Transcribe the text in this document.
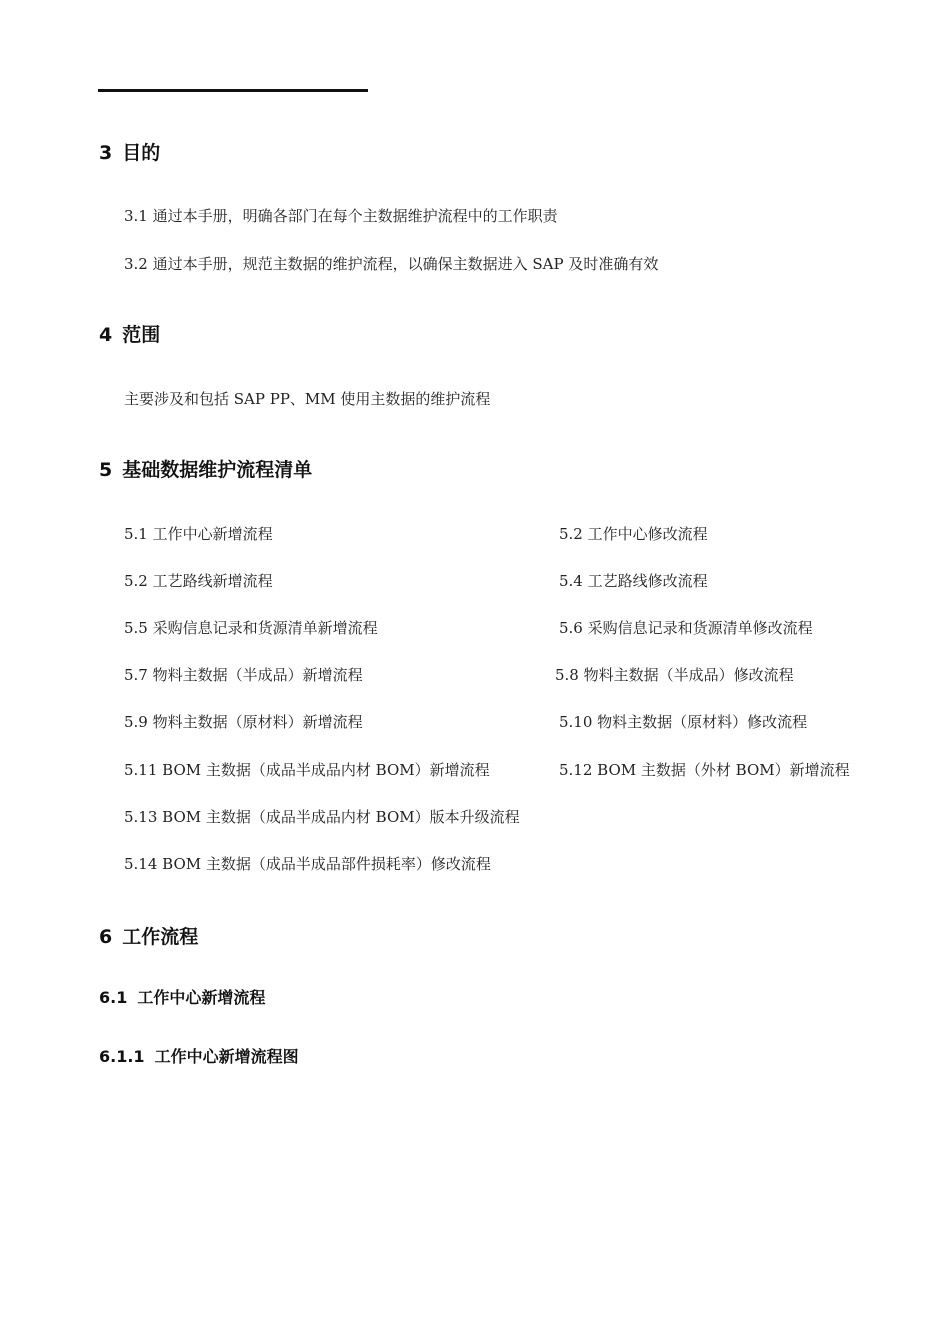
3 目的

3.1 通过本手册，明确各部门在每个主数据维护流程中的工作职责

3.2 通过本手册，规范主数据的维护流程，以确保主数据进入 SAP 及时准确有效

4 范围

主要涉及和包括 SAP PP、MM 使用主数据的维护流程

5 基础数据维护流程清单

5.1 工作中心新增流程

5.2 工艺路线新增流程

5.5 采购信息记录和货源清单新增流程

5.7 物料主数据（半成品）新增流程

5.9 物料主数据（原材料）新增流程

5.11 BOM 主数据（成品半成品内材 BOM）新增流程

5.13 BOM 主数据（成品半成品内材 BOM）版本升级流程

5.14 BOM 主数据（成品半成品部件损耗率）修改流程

5.2 工作中心修改流程

5.4 工艺路线修改流程

5.6 采购信息记录和货源清单修改流程

5.8 物料主数据（半成品）修改流程

5.10 物料主数据（原材料）修改流程

5.12 BOM 主数据（外材 BOM）新增流程

6 工作流程
6.1 工作中心新增流程
6.1.1 工作中心新增流程图
